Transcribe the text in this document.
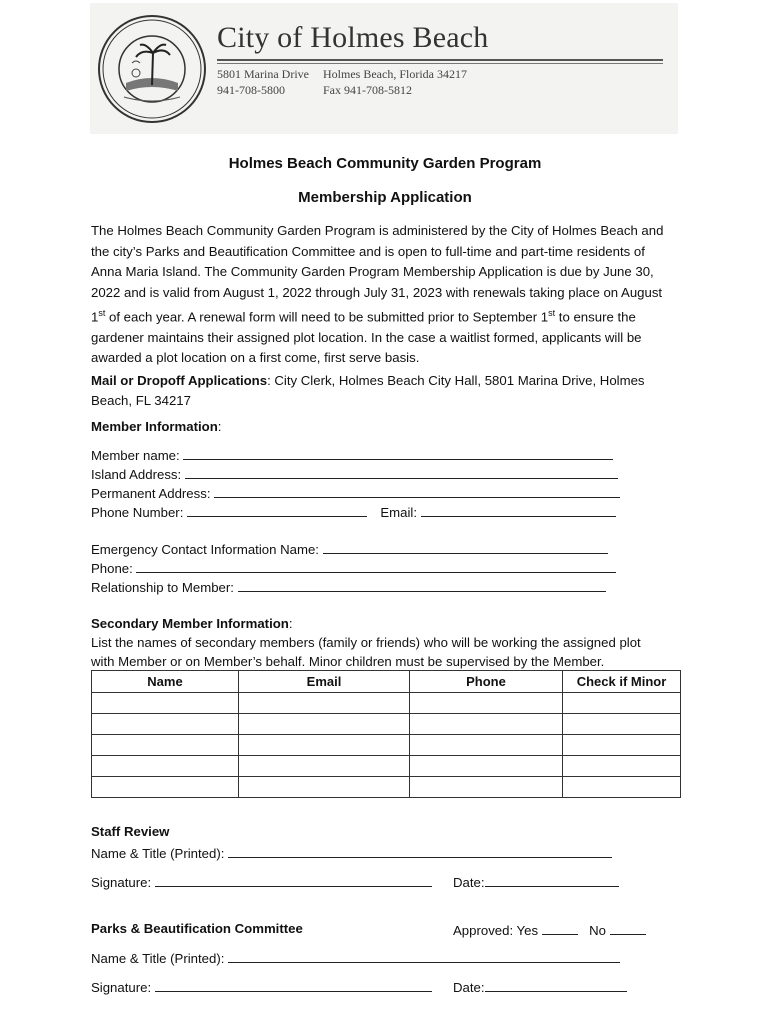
City of Holmes Beach
5801 Marina Drive Holmes Beach, Florida 34217
941-708-5800	Fax 941-708-5812
Holmes Beach Community Garden Program
Membership Application
The Holmes Beach Community Garden Program is administered by the City of Holmes Beach and
the city’s Parks and Beautification Committee and is open to full-time and part-time residents of
Anna Maria Island. The Community Garden Program Membership Application is due by June 30,
2022 and is valid from August 1, 2022 through July 31, 2023 with renewals taking place on August
1st of each year. A renewal form will need to be submitted prior to September 1st to ensure the
gardener maintains their assigned plot location. In the case a waitlist formed, applicants will be
awarded a plot location on a first come, first serve basis.
Mail or Dropoff Applications: City Clerk, Holmes Beach City Hall, 5801 Marina Drive, Holmes
Beach, FL 34217
Member Information:
Member name:
Island Address:
Permanent Address:
Phone Number:	Email:
Emergency Contact Information Name:
Phone:
Relationship to Member:
Secondary Member Information:
List the names of secondary members (family or friends) who will be working the assigned plot
with Member or on Member’s behalf. Minor children must be supervised by the Member.
Name	Email	Phone	Check if Minor

Staff Review
Name & Title (Printed):
Signature:	Date:
Parks & Beautification Committee	Approved: Yes	No
Name & Title (Printed):
Signature:	Date:
